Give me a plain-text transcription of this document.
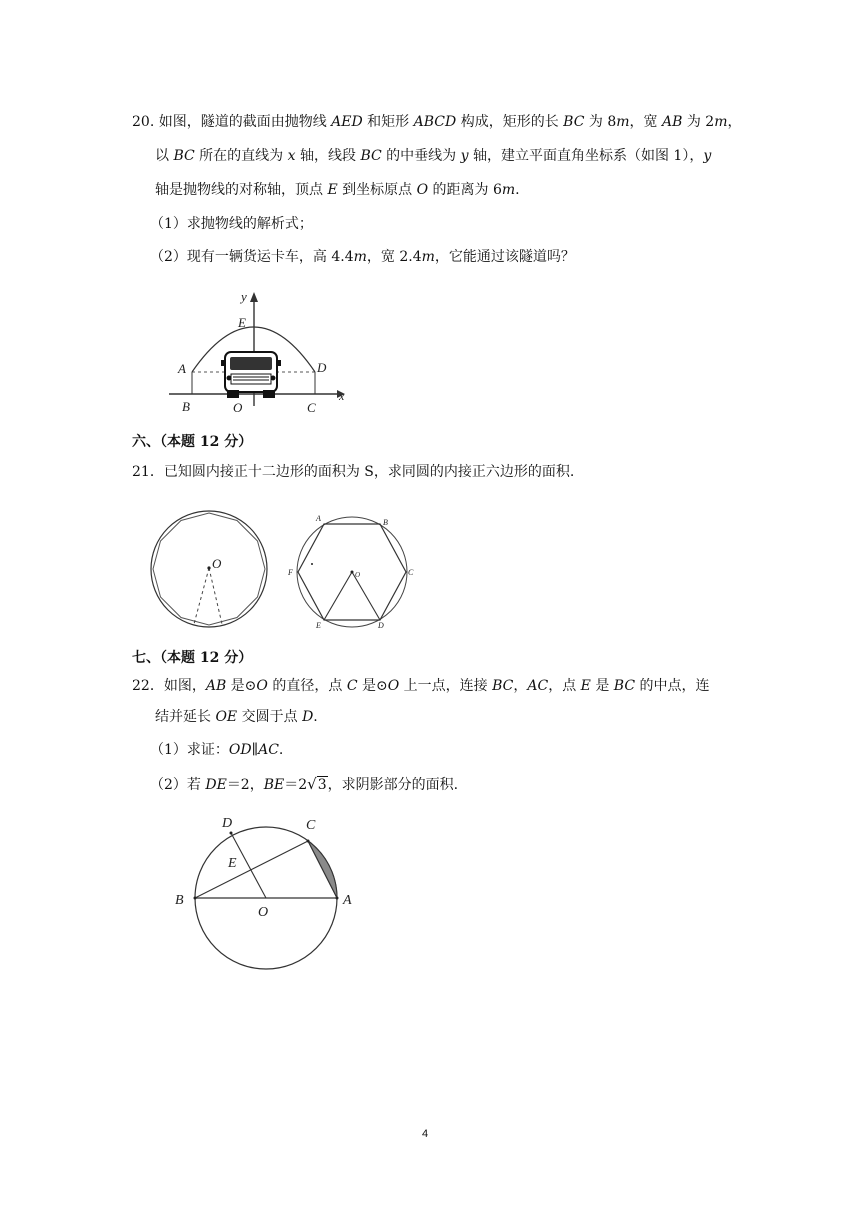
20. 如图，隧道的截面由抛物线 AED 和矩形 ABCD 构成，矩形的长 BC 为 8m，宽 AB 为 2m，
以 BC 所在的直线为 x 轴，线段 BC 的中垂线为 y 轴，建立平面直角坐标系（如图 1），y
轴是抛物线的对称轴，顶点 E 到坐标原点 O 的距离为 6m.
（1）求抛物线的解析式；
（2）现有一辆货运卡车，高 4.4m，宽 2.4m，它能通过该隧道吗？
y
E
A	D
B	O	C
x
六、（本题 12 分）
21．已知圆内接正十二边形的面积为 S，求同圆的内接正六边形的面积.
O
A	B
C
D
E
F	O
七、（本题 12 分）
22．如图，AB 是⊙O 的直径，点 C 是⊙O 上一点，连接 BC，AC，点 E 是 BC 的中点，连
结并延长 OE 交圆于点 D.
（1）求证：OD∥AC.
（2）若 DE＝2，BE＝2√3，求阴影部分的面积.
D	C
E
B
O
A
4
